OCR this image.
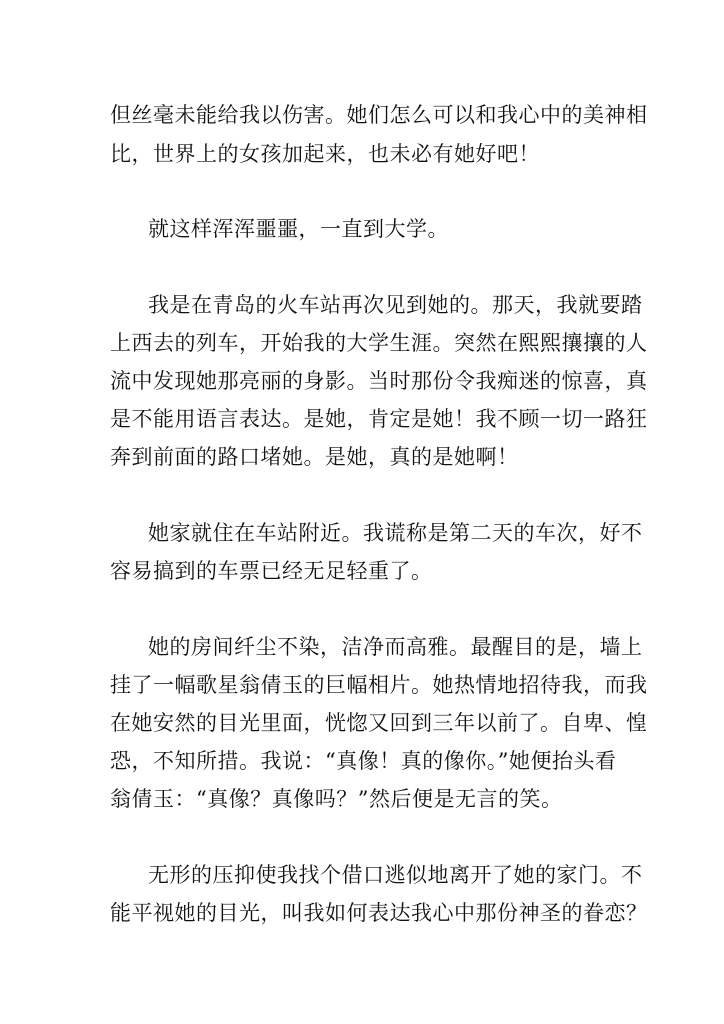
但丝毫未能给我以伤害。她们怎么可以和我心中的美神相
比，世界上的女孩加起来，也未必有她好吧！
就这样浑浑噩噩，一直到大学。
我是在青岛的火车站再次见到她的。那天，我就要踏
上西去的列车，开始我的大学生涯。突然在熙熙攘攘的人
流中发现她那亮丽的身影。当时那份令我痴迷的惊喜，真
是不能用语言表达。是她，肯定是她！我不顾一切一路狂
奔到前面的路口堵她。是她，真的是她啊！
她家就住在车站附近。我谎称是第二天的车次，好不
容易搞到的车票已经无足轻重了。
她的房间纤尘不染，洁净而高雅。最醒目的是，墙上
挂了一幅歌星翁倩玉的巨幅相片。她热情地招待我，而我
在她安然的目光里面，恍惚又回到三年以前了。自卑、惶
恐，不知所措。我说：“真像！真的像你。”她便抬头看
翁倩玉：“真像？真像吗？”然后便是无言的笑。
无形的压抑使我找个借口逃似地离开了她的家门。不
能平视她的目光，叫我如何表达我心中那份神圣的眷恋？
